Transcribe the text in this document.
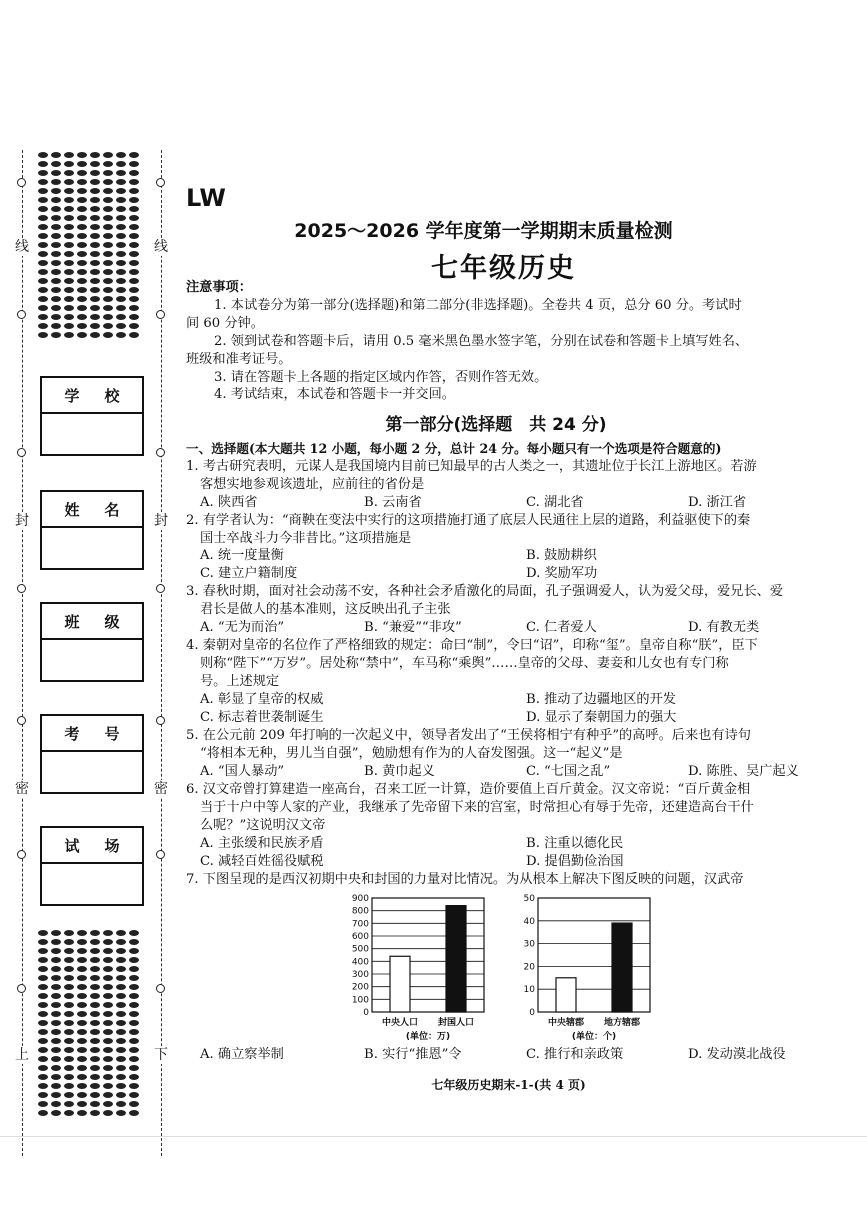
线
封
密
上
线
封
密
下
学 校
姓 名
班 级
考 号
试 场
LW
2025～2026 学年度第一学期期末质量检测
七年级历史
注意事项：
1. 本试卷分为第一部分(选择题)和第二部分(非选择题)。全卷共 4 页，总分 60 分。考试时
间 60 分钟。
2. 领到试卷和答题卡后，请用 0.5 毫米黑色墨水签字笔，分别在试卷和答题卡上填写姓名、
班级和准考证号。
3. 请在答题卡上各题的指定区域内作答，否则作答无效。
4. 考试结束，本试卷和答题卡一并交回。
第一部分(选择题　共 24 分)
一、选择题(本大题共 12 小题，每小题 2 分，总计 24 分。每小题只有一个选项是符合题意的)
1. 考古研究表明，元谋人是我国境内目前已知最早的古人类之一，其遗址位于长江上游地区。若游
客想实地参观该遗址，应前往的省份是
A. 陕西省	B. 云南省	C. 湖北省	D. 浙江省
2. 有学者认为：“商鞅在变法中实行的这项措施打通了底层人民通往上层的道路，利益驱使下的秦
国士卒战斗力今非昔比。”这项措施是
A. 统一度量衡	B. 鼓励耕织
C. 建立户籍制度	D. 奖励军功
3. 春秋时期，面对社会动荡不安，各种社会矛盾激化的局面，孔子强调爱人，认为爱父母，爱兄长、爱
君长是做人的基本准则，这反映出孔子主张
A. “无为而治”	B. “兼爱”“非攻”	C. 仁者爱人	D. 有教无类
4. 秦朝对皇帝的名位作了严格细致的规定：命曰“制”，令曰“诏”，印称“玺”。皇帝自称“朕”，臣下
则称“陛下”“万岁”。居处称“禁中”，车马称“乘舆”……皇帝的父母、妻妾和儿女也有专门称
号。上述规定
A. 彰显了皇帝的权威	B. 推动了边疆地区的开发
C. 标志着世袭制诞生	D. 显示了秦朝国力的强大
5. 在公元前 209 年打响的一次起义中，领导者发出了“王侯将相宁有种乎”的高呼。后来也有诗句
“将相本无种，男儿当自强”，勉励想有作为的人奋发图强。这一“起义”是
A. “国人暴动”	B. 黄巾起义	C. “七国之乱”	D. 陈胜、吴广起义
6. 汉文帝曾打算建造一座高台，召来工匠一计算，造价要值上百斤黄金。汉文帝说：“百斤黄金相
当于十户中等人家的产业，我继承了先帝留下来的宫室，时常担心有辱于先帝，还建造高台干什
么呢？”这说明汉文帝
A. 主张缓和民族矛盾	B. 注重以德化民
C. 减轻百姓徭役赋税	D. 提倡勤俭治国
7. 下图呈现的是西汉初期中央和封国的力量对比情况。为从根本上解决下图反映的问题，汉武帝
A. 确立察举制	B. 实行“推恩”令	C. 推行和亲政策	D. 发动漠北战役
0
100
200
300
400
500
600
700
800
900
中央人口 封国人口
(单位：万)
0
10
20
30
40
50
中央辖郡 地方辖郡
(单位：个)
七年级历史期末-1-(共 4 页)
